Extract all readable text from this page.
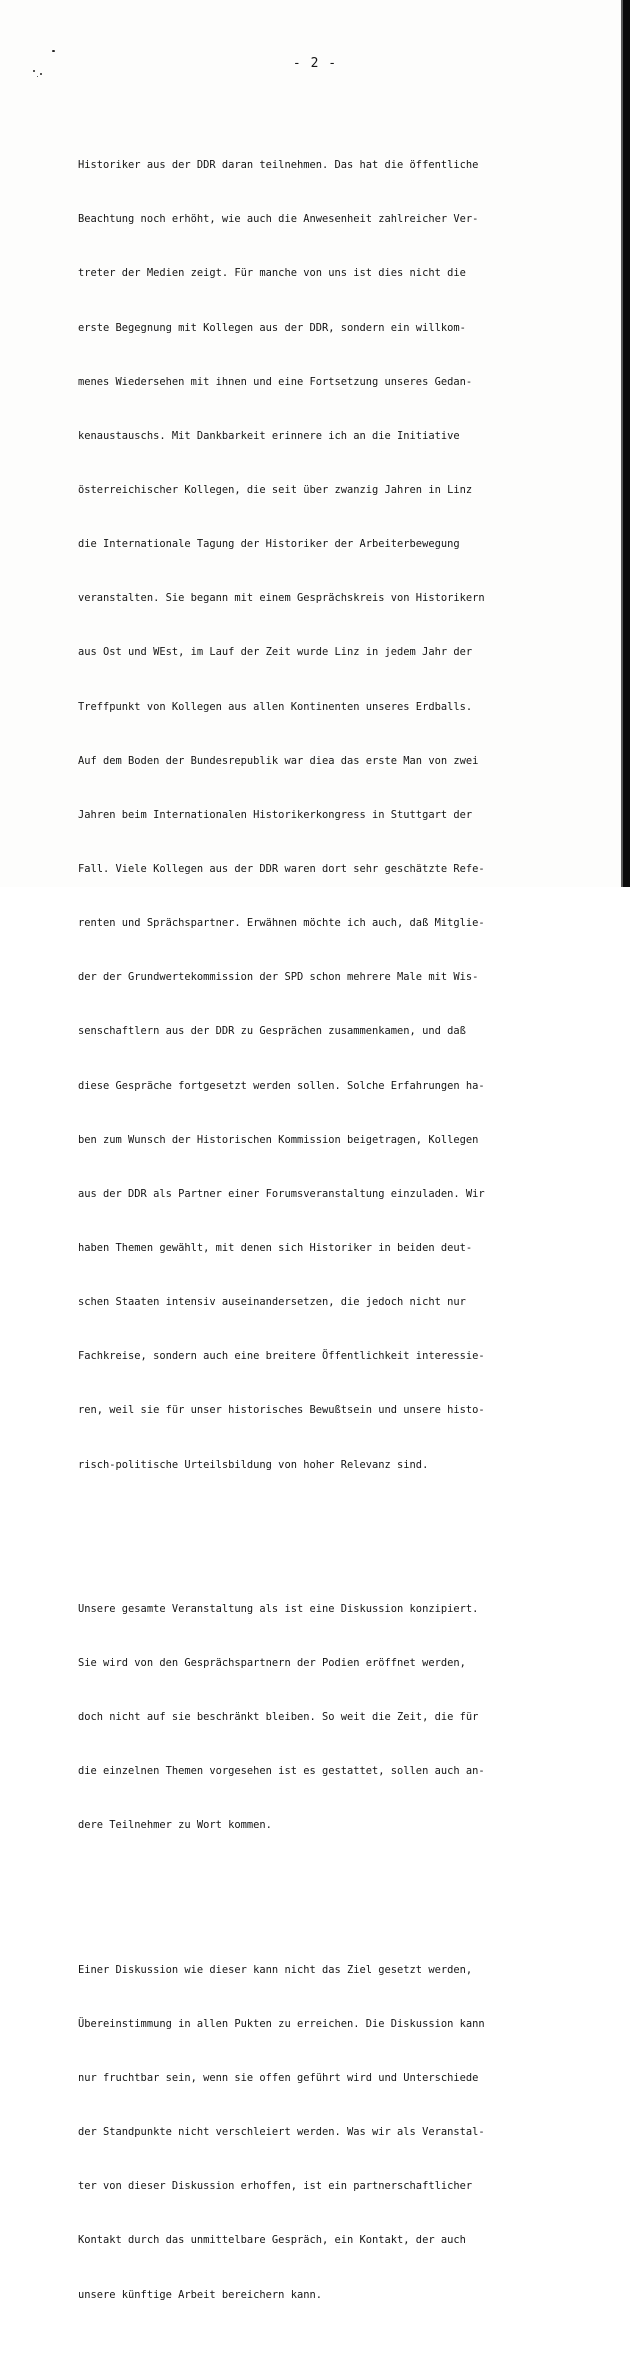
- 2 -

Historiker aus der DDR daran teilnehmen. Das hat die öffentliche

Beachtung noch erhöht, wie auch die Anwesenheit zahlreicher Ver-

treter der Medien zeigt. Für manche von uns ist dies nicht die

erste Begegnung mit Kollegen aus der DDR, sondern ein willkom-

menes Wiedersehen mit ihnen und eine Fortsetzung unseres Gedan-

kenaustauschs. Mit Dankbarkeit erinnere ich an die Initiative

österreichischer Kollegen, die seit über zwanzig Jahren in Linz

die Internationale Tagung der Historiker der Arbeiterbewegung

veranstalten. Sie begann mit einem Gesprächskreis von Historikern

aus Ost und WEst, im Lauf der Zeit wurde Linz in jedem Jahr der

Treffpunkt von Kollegen aus allen Kontinenten unseres Erdballs.

Auf dem Boden der Bundesrepublik war diea das erste Man von zwei

Jahren beim Internationalen Historikerkongress in Stuttgart der

Fall. Viele Kollegen aus der DDR waren dort sehr geschätzte Refe-

renten und Sprächspartner. Erwähnen möchte ich auch, daß Mitglie-

der der Grundwertekommission der SPD schon mehrere Male mit Wis-

senschaftlern aus der DDR zu Gesprächen zusammenkamen, und daß

diese Gespräche fortgesetzt werden sollen. Solche Erfahrungen ha-

ben zum Wunsch der Historischen Kommission beigetragen, Kollegen

aus der DDR als Partner einer Forumsveranstaltung einzuladen. Wir

haben Themen gewählt, mit denen sich Historiker in beiden deut-

schen Staaten intensiv auseinandersetzen, die jedoch nicht nur

Fachkreise, sondern auch eine breitere Öffentlichkeit interessie-

ren, weil sie für unser historisches Bewußtsein und unsere histo-

risch-politische Urteilsbildung von hoher Relevanz sind.

Unsere gesamte Veranstaltung als ist eine Diskussion konzipiert.

Sie wird von den Gesprächspartnern der Podien eröffnet werden,

doch nicht auf sie beschränkt bleiben. So weit die Zeit, die für

die einzelnen Themen vorgesehen ist es gestattet, sollen auch an-

dere Teilnehmer zu Wort kommen.

Einer Diskussion wie dieser kann nicht das Ziel gesetzt werden,

Übereinstimmung in allen Pukten zu erreichen. Die Diskussion kann

nur fruchtbar sein, wenn sie offen geführt wird und Unterschiede

der Standpunkte nicht verschleiert werden. Was wir als Veranstal-

ter von dieser Diskussion erhoffen, ist ein partnerschaftlicher

Kontakt durch das unmittelbare Gespräch, ein Kontakt, der auch

unsere künftige Arbeit bereichern kann.
